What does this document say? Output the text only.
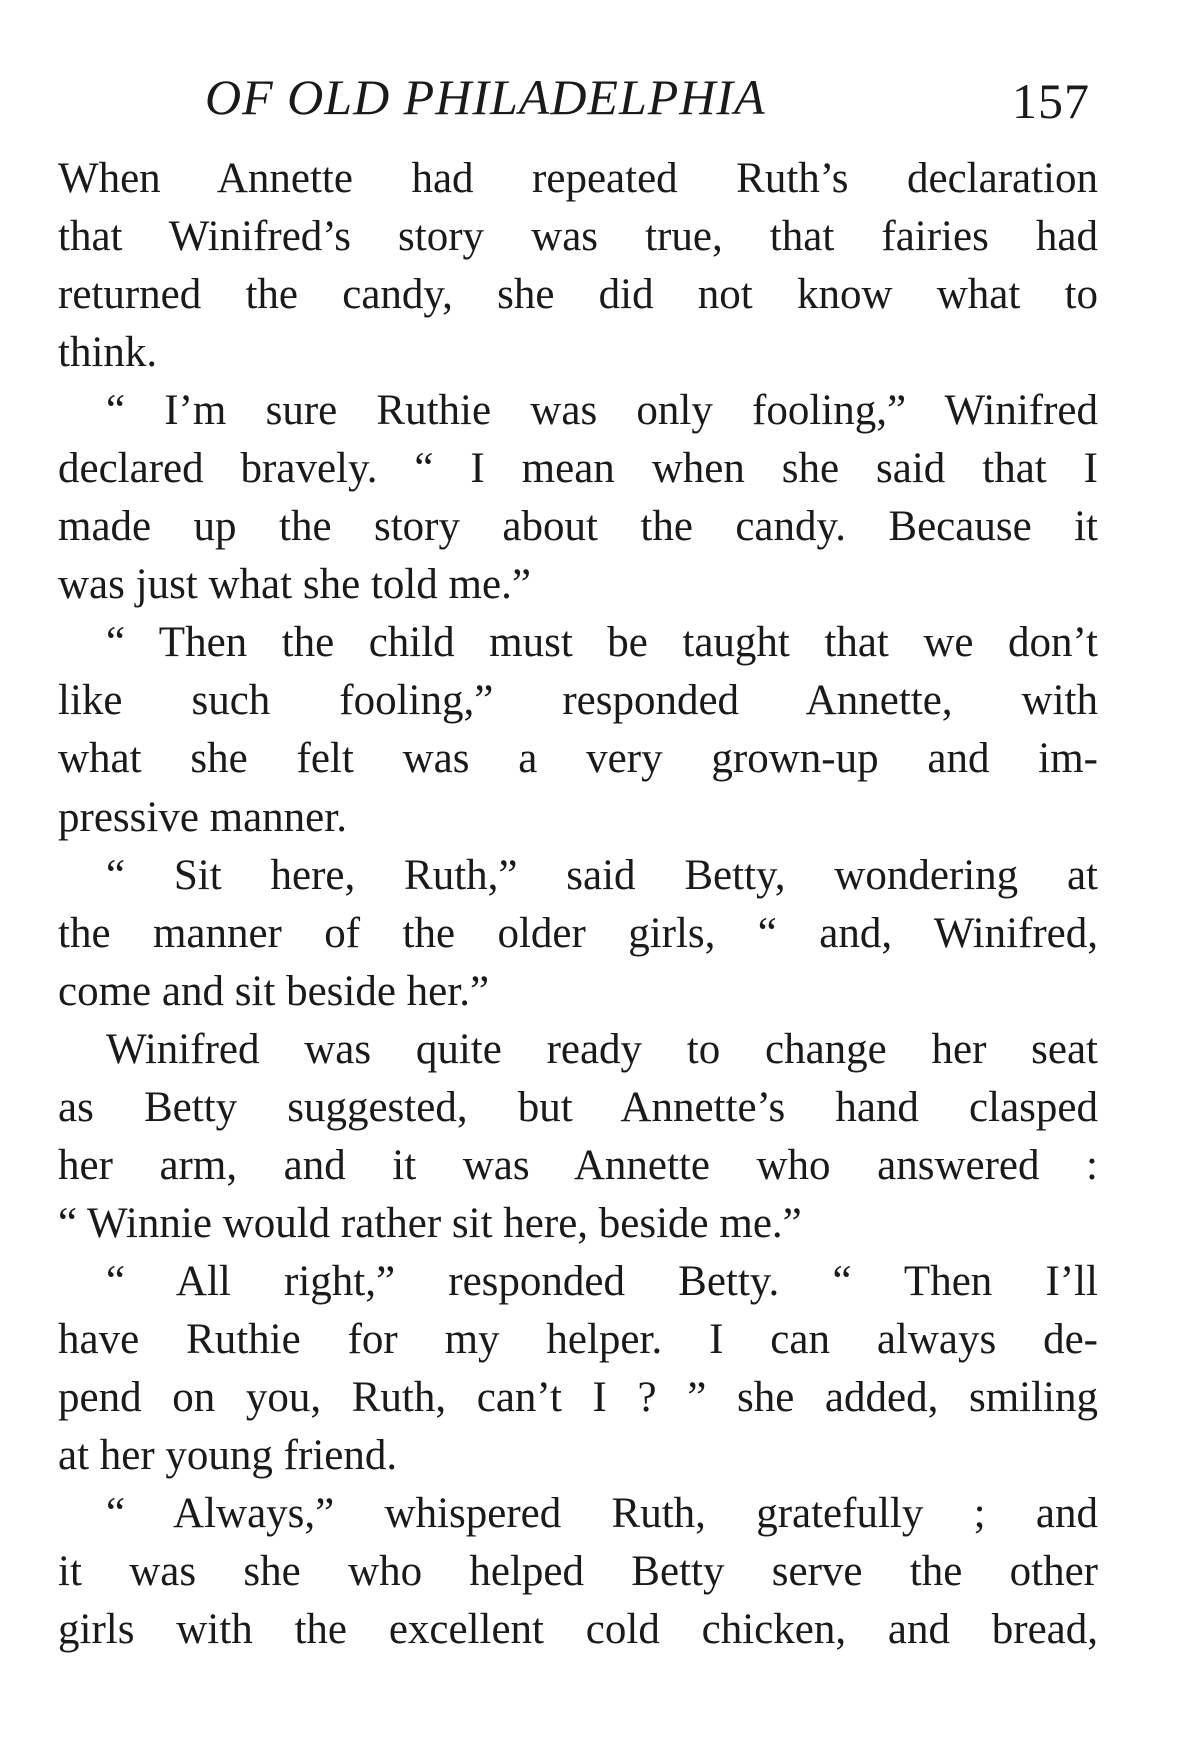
OF OLD PHILADELPHIA	157
When Annette had repeated Ruth’s declaration
that Winifred’s story was true, that fairies had
returned the candy, she did not know what to
think.
“ I’m sure Ruthie was only fooling,” Winifred
declared bravely. “ I mean when she said that I
made up the story about the candy. Because it
was just what she told me.”
“ Then the child must be taught that we don’t
like such fooling,” responded Annette, with
what she felt was a very grown-up and im-
pressive manner.
“ Sit here, Ruth,” said Betty, wondering at
the manner of the older girls, “ and, Winifred,
come and sit beside her.”
Winifred was quite ready to change her seat
as Betty suggested, but Annette’s hand clasped
her arm, and it was Annette who answered :
“ Winnie would rather sit here, beside me.”
“ All right,” responded Betty. “ Then I’ll
have Ruthie for my helper. I can always de-
pend on you, Ruth, can’t I ? ” she added, smiling
at her young friend.
“ Always,” whispered Ruth, gratefully ; and
it was she who helped Betty serve the other
girls with the excellent cold chicken, and bread,
